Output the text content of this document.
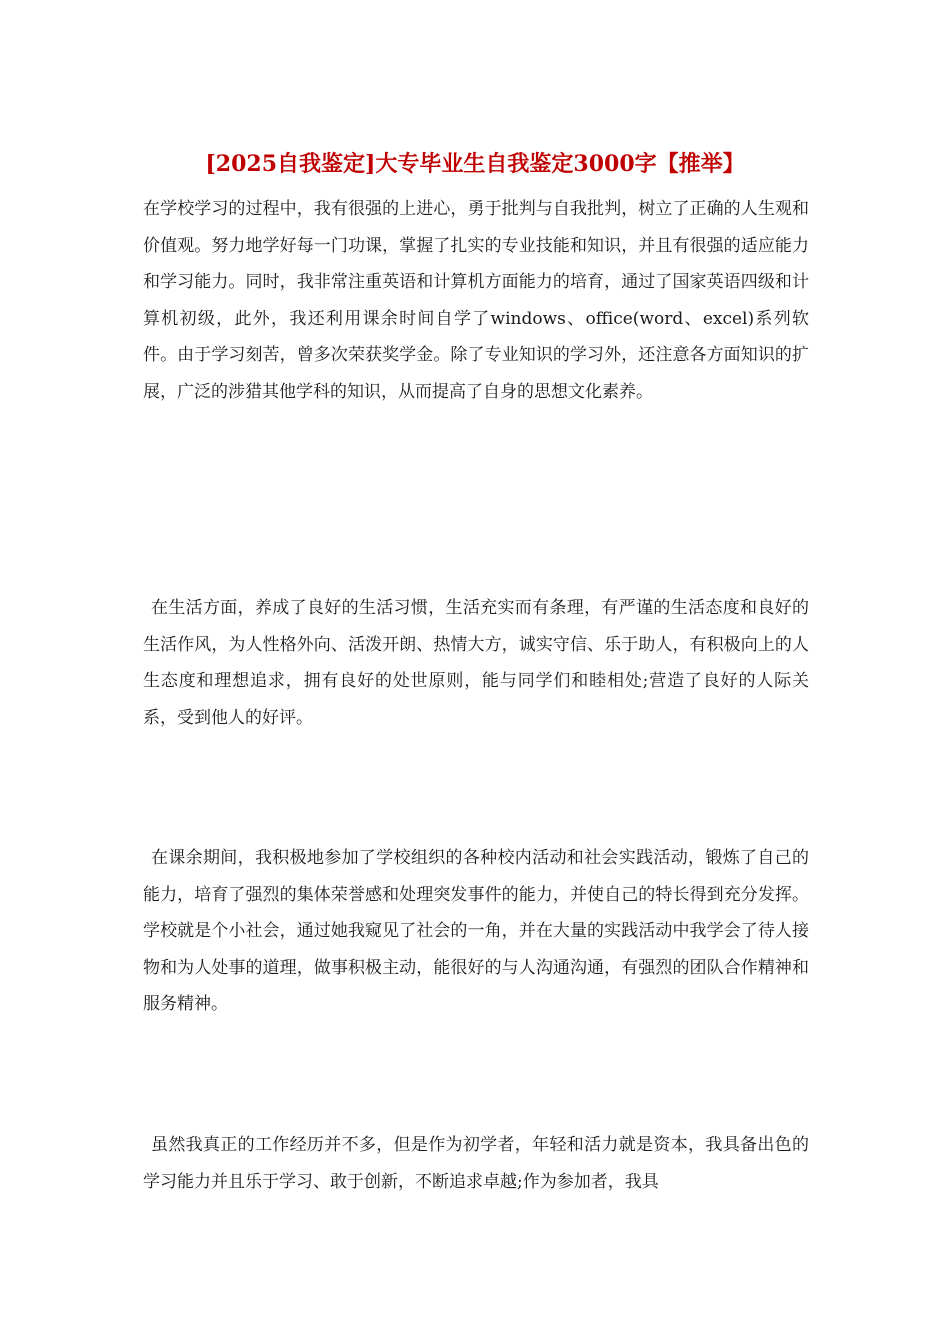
[2025自我鉴定]大专毕业生自我鉴定3000字【推举】

在学校学习的过程中，我有很强的上进心，勇于批判与自我批判，树立了正确的人生观和价值观。努力地学好每一门功课，掌握了扎实的专业技能和知识，并且有很强的适应能力和学习能力。同时，我非常注重英语和计算机方面能力的培育，通过了国家英语四级和计算机初级，此外，我还利用课余时间自学了windows、office(word、excel)系列软件。由于学习刻苦，曾多次荣获奖学金。除了专业知识的学习外，还注意各方面知识的扩展，广泛的涉猎其他学科的知识，从而提高了自身的思想文化素养。

在生活方面，养成了良好的生活习惯，生活充实而有条理，有严谨的生活态度和良好的生活作风，为人性格外向、活泼开朗、热情大方，诚实守信、乐于助人，有积极向上的人生态度和理想追求，拥有良好的处世原则，能与同学们和睦相处;营造了良好的人际关系，受到他人的好评。

在课余期间，我积极地参加了学校组织的各种校内活动和社会实践活动，锻炼了自己的能力，培育了强烈的集体荣誉感和处理突发事件的能力，并使自己的特长得到充分发挥。学校就是个小社会，通过她我窥见了社会的一角，并在大量的实践活动中我学会了待人接物和为人处事的道理，做事积极主动，能很好的与人沟通沟通，有强烈的团队合作精神和服务精神。

虽然我真正的工作经历并不多，但是作为初学者，年轻和活力就是资本，我具备出色的学习能力并且乐于学习、敢于创新，不断追求卓越;作为参加者，我具
